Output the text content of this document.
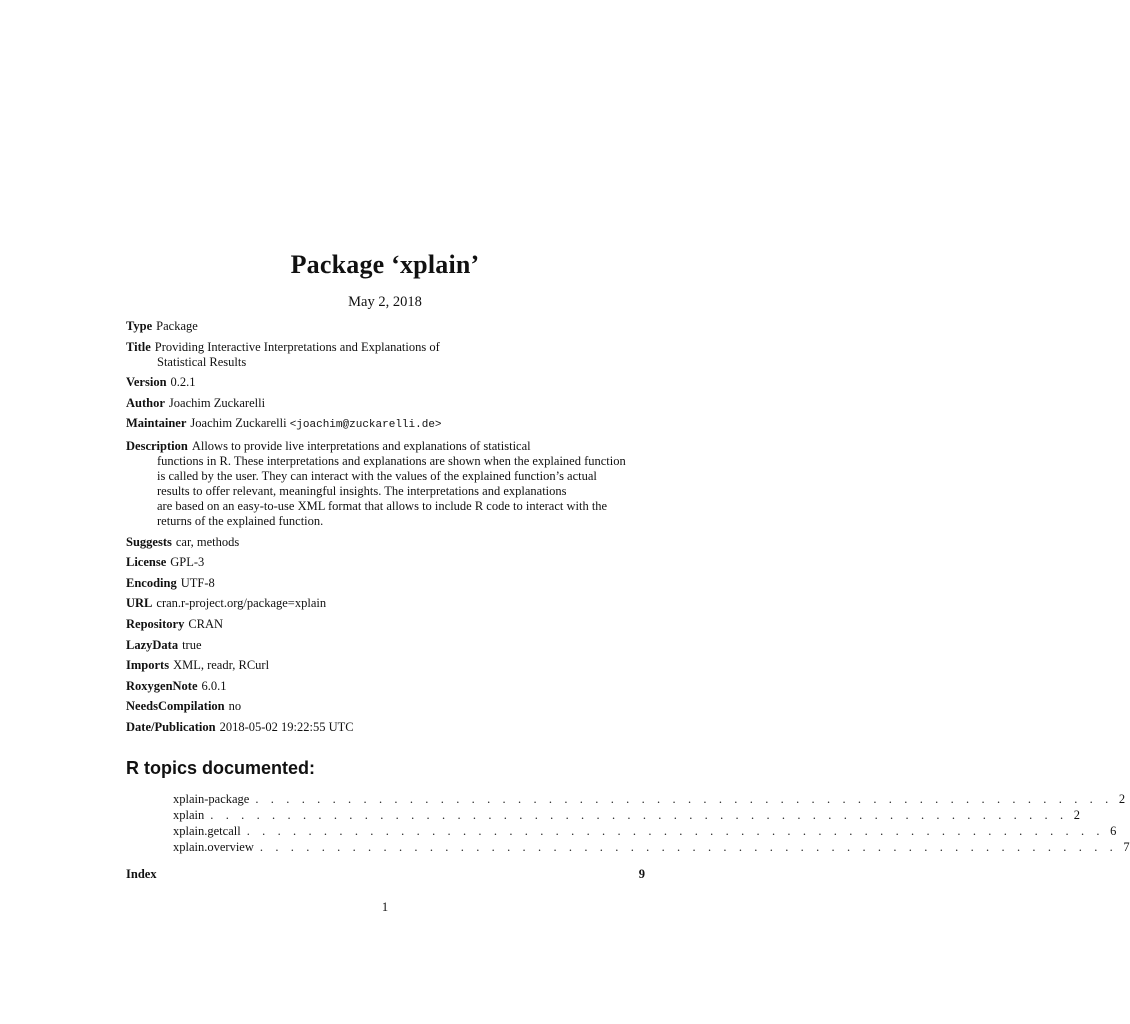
Package ‘xplain’
May 2, 2018
Type Package
Title Providing Interactive Interpretations and Explanations of
Statistical Results
Version 0.2.1
Author Joachim Zuckarelli
Maintainer Joachim Zuckarelli <joachim@zuckarelli.de>
Description Allows to provide live interpretations and explanations of statistical
functions in R. These interpretations and explanations are shown when the explained function
is called by the user. They can interact with the values of the explained function’s actual
results to offer relevant, meaningful insights. The interpretations and explanations
are based on an easy-to-use XML format that allows to include R code to interact with the
returns of the explained function.
Suggests car, methods
License GPL-3
Encoding UTF-8
URL cran.r-project.org/package=xplain
Repository CRAN
LazyData true
Imports XML, readr, RCurl
RoxygenNote 6.0.1
NeedsCompilation no
Date/Publication 2018-05-02 19:22:55 UTC
R topics documented:
xplain-package . . . . . . . . . . . . . . . . . . . . . . . . . . . . . . . . . . . . . . . . . . . . . . . . . . . . . . . . 2
xplain . . . . . . . . . . . . . . . . . . . . . . . . . . . . . . . . . . . . . . . . . . . . . . . . . . . . . . . . 2
xplain.getcall . . . . . . . . . . . . . . . . . . . . . . . . . . . . . . . . . . . . . . . . . . . . . . . . . . . . . . . . 6
xplain.overview . . . . . . . . . . . . . . . . . . . . . . . . . . . . . . . . . . . . . . . . . . . . . . . . . . . . . . . . 7
Index	9
1
